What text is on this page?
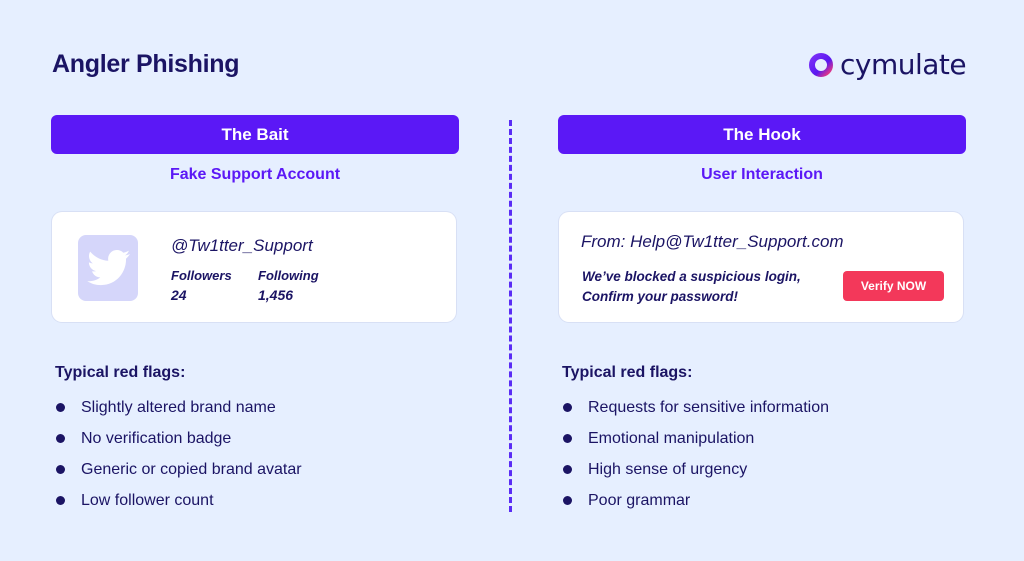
Angler Phishing	cymulate
The Bait
Fake Support Account
@Tw1tter_Support
Followers
24
Following
1,456
Typical red flags:
Slightly altered brand name
No verification badge
Generic or copied brand avatar
Low follower count
The Hook
User Interaction
From: Help@Tw1tter_Support.com
We’ve blocked a suspicious login,
Confirm your password!
Verify NOW
Typical red flags:
Requests for sensitive information
Emotional manipulation
High sense of urgency
Poor grammar
